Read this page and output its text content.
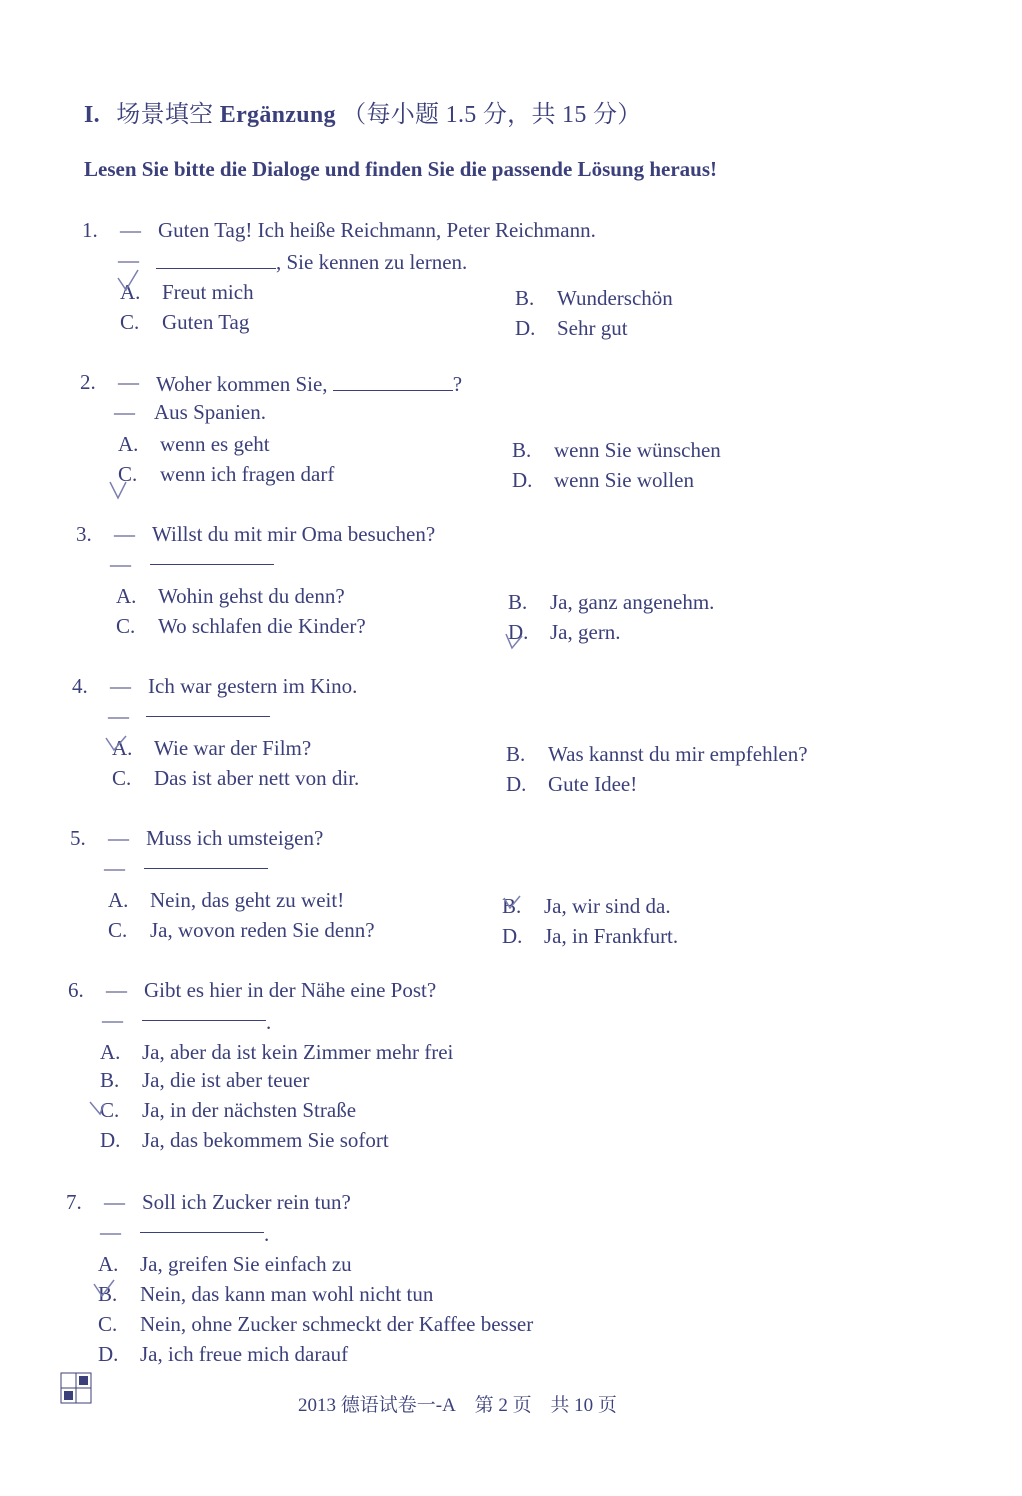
I. 场景填空 Ergänzung （每小题 1.5 分，共 15 分）
Lesen Sie bitte die Dialoge und finden Sie die passende Lösung heraus!
1. — Guten Tag! Ich heiße Reichmann, Peter Reichmann.
—	, Sie kennen zu lernen.
A. Freut mich	B. Wunderschön
C. Guten Tag	D. Sehr gut
2. — Woher kommen Sie,	?
— Aus Spanien.
A. wenn es geht	B. wenn Sie wünschen
C. wenn ich fragen darf	D. wenn Sie wollen
3. — Willst du mit mir Oma besuchen?
—
A. Wohin gehst du denn?	B. Ja, ganz angenehm.
C. Wo schlafen die Kinder?	D. Ja, gern.
4. — Ich war gestern im Kino.
—
A. Wie war der Film?	B. Was kannst du mir empfehlen?
C. Das ist aber nett von dir.	D. Gute Idee!
5. — Muss ich umsteigen?
—
A. Nein, das geht zu weit!	B. Ja, wir sind da.
C. Ja, wovon reden Sie denn?	D. Ja, in Frankfurt.
6. — Gibt es hier in der Nähe eine Post?
—	.
A. Ja, aber da ist kein Zimmer mehr frei
B. Ja, die ist aber teuer
C. Ja, in der nächsten Straße
D. Ja, das bekommem Sie sofort
7. — Soll ich Zucker rein tun?
—	.
A. Ja, greifen Sie einfach zu
B. Nein, das kann man wohl nicht tun
C. Nein, ohne Zucker schmeckt der Kaffee besser
D. Ja, ich freue mich darauf
2013 德语试卷一-A 第 2 页 共 10 页
